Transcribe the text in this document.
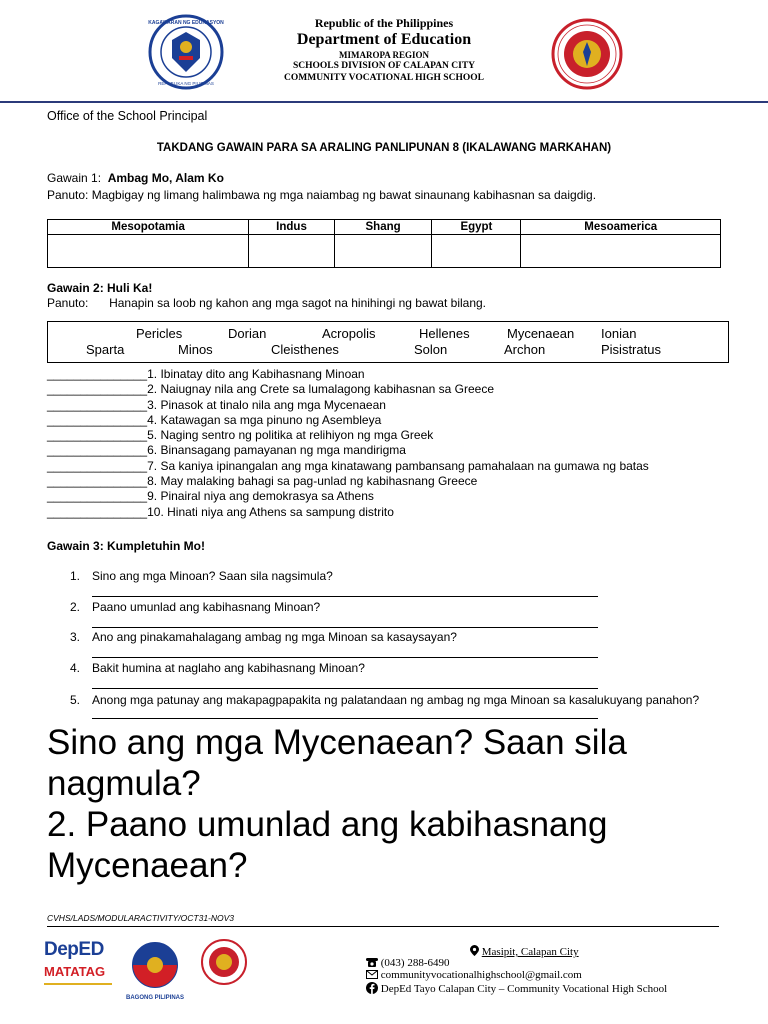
KAGAWARAN NG EDUKASYON
REPUBLIKA NG PILIPINAS
Republic of the Philippines
Department of Education
MIMAROPA REGION
SCHOOLS DIVISION OF CALAPAN CITY
COMMUNITY VOCATIONAL HIGH SCHOOL
Office of the School Principal
TAKDANG GAWAIN PARA SA ARALING PANLIPUNAN 8 (IKALAWANG MARKAHAN)
Gawain 1: Ambag Mo, Alam Ko
Panuto: Magbigay ng limang halimbawa ng mga naiambag ng bawat sinaunang kabihasnan sa daigdig.
Mesopotamia	Indus	Shang	Egypt	Mesoamerica

Gawain 2: Huli Ka!
Panuto: Hanapin sa loob ng kahon ang mga sagot na hinihingi ng bawat bilang.
Pericles	Dorian	Acropolis	Hellenes	Mycenaean Ionian
Sparta	Minos	Cleisthenes	Solon	Archon	Pisistratus
_______________1. Ibinatay dito ang Kabihasnang Minoan
_______________2. Naiugnay nila ang Crete sa lumalagong kabihasnan sa Greece
_______________3. Pinasok at tinalo nila ang mga Mycenaean
_______________4. Katawagan sa mga pinuno ng Asembleya
_______________5. Naging sentro ng politika at relihiyon ng mga Greek
_______________6. Binansagang pamayanan ng mga mandirigma
_______________7. Sa kaniya ipinangalan ang mga kinatawang pambansang pamahalaan na gumawa ng batas
_______________8. May malaking bahagi sa pag-unlad ng kabihasnang Greece
_______________9. Pinairal niya ang demokrasya sa Athens
_______________10. Hinati niya ang Athens sa sampung distrito
Gawain 3: Kumpletuhin Mo!
1. Sino ang mga Minoan? Saan sila nagsimula?
2. Paano umunlad ang kabihasnang Minoan?
3. Ano ang pinakamahalagang ambag ng mga Minoan sa kasaysayan?
4. Bakit humina at naglaho ang kabihasnang Minoan?
5. Anong mga patunay ang makapagpapakita ng palatandaan ng ambag ng mga Minoan sa kasalukuyang panahon?
Sino ang mga Mycenaean? Saan sila
nagmula?
2. Paano umunlad ang kabihasnang
Mycenaean?
CVHS/LADS/MODULARACTIVITY/OCT31-NOV3
DepED
MATATAG
BAGONG PILIPINAS
Masipit, Calapan City
(043) 288-6490
communityvocationalhighschool@gmail.com
DepEd Tayo Calapan City – Community Vocational High School
